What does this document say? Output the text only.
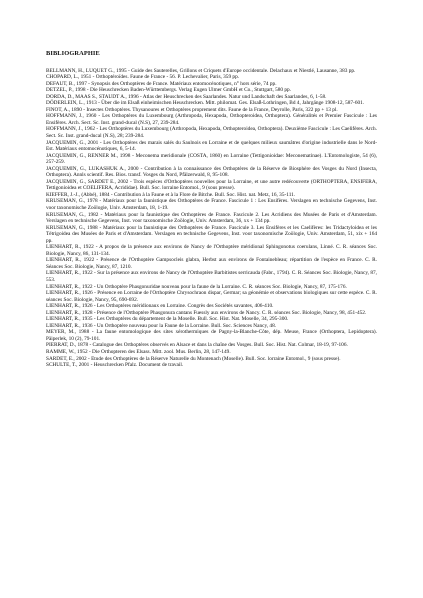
BIBLIOGRAPHIE
BELLMANN, H., LUQUET G., 1995 - Guide des Sauterelles, Grillons et Criquets d'Europe occidentale. Delachaux et Niestlé, Lausanne, 383 pp.
CHOPARD, L., 1951 - Orthoptéroïdes. Faune de France - 56. P. Lechevalier, Paris, 359 pp.
DEFAUT, B., 1997 - Synopsis des Orthoptères de France. Matériaux entomocénotiques, n° hors série, 74 pp.
DETZEL, P., 1998 - Die Heuschrecken Baden-Württembergs. Verlag Eugen Ulmer GmbH et Co., Stuttgart, 580 pp.
DORDA, D., MAAS S., STAUDT A., 1996 - Atlas der Heuschrecken des Saarlandes. Natur und Landschaft des Saarlandes, 6, 1-58.
DÖDERLEIN, L., 1913 - Über die im Elsaß einheimischen Heuschrecken. Mitt. philomat. Ges. Elsaß-Lothringen, Bd 4, Jahrgänge 1908-12, 587-601.
FINOT, A., 1890 - Insectes Orthoptères. Thysanoures et Orthoptères proprement dits. Faune de la France, Deyrolle, Paris, 322 pp + 13 pl.
HOFFMANN, J., 1960 - Les Orthoptères du Luxembourg (Arthropoda, Hexapoda, Orthopteroidea, Orthoptera). Généralités et Premier Fascicule : Les Ensifères. Arch. Sect. Sc. Inst. grand-ducal (N.S), 27, 239-284.
HOFFMANN, J., 1962 - Les Orthoptères du Luxembourg (Arthropoda, Hexapoda, Orthopteroidea, Orthoptera). Deuxième Fascicule : Les Caelifères. Arch. Sect. Sc. Inst. grand-ducal (N.S), 28; 239-284.
JACQUEMIN, G., 2001 - Les Orthoptères des marais salés du Saulnois en Lorraine et de quelques milieux saumâtres d'origine industrielle dans le Nord-Est. Matériaux entomocénotiques, 6, 5-14.
JACQUEMIN, G., RENNER M., 1998 - Meconema meridionale (COSTA, 1860) en Lorraine (Tettigonioidae: Meconematinae). L'Entomologiste, 54 (6), 257-259.
JACQUEMIN, G., LUKASHUK A., 2000 - Contribution à la connaissance des Orthoptères de la Réserve de Biosphère des Vosges du Nord (Insecta, Orthoptera). Annls scientif. Res. Bios. transf. Vosges du Nord, Pfälzerwald, 8, 95-108.
JACQUEMIN, G., SARDET E., 2002 - Trois espèces d'Orthoptères nouvelles pour la Lorraine, et une autre redécouverte (ORTHOPTERA, ENSIFERA, Tettigonioidea et COELIFERA, Acrididae). Bull. Soc. lorraine Entomol., 9 (sous presse).
KIEFFER, J.-J., (Abbé), 1884 - Contribution à la Faune et à la Flore de Bitche. Bull. Soc. Hist. nat. Metz, 16, 35-111.
KRUSEMAN, G., 1978 - Matériaux pour la faunistique des Orthoptères de France. Fascicule 1 : Les Ensifères. Verslagen en technische Gegevens, Inst. voor taxonomische Zoölogie, Univ. Amsterdam, 18, 1-19.
KRUSEMAN, G., 1982 - Matériaux pour la faunistique des Orthoptères de France. Fascicule 2. Les Acridiens des Musées de Paris et d'Amsterdam. Verslagen en technische Gegevens, Inst. voor taxonomische Zoölogie, Univ. Amsterdam, 36, xx + 134 pp.
KRUSEMAN, G., 1988 - Matériaux pour la faunistique des Orthoptères de France. Fascicule 3. Les Ensifères et les Caelifères: les Tridactyloidea et les Tétrigoidea des Musées de Paris et d'Amsterdam. Verslagen en technische Gegevens, Inst. voor taxonomische Zoölogie, Univ. Amsterdam, 51, xix + 164 pp.
LIENHART, R., 1922 - A propos de la présence aux environs de Nancy de l'Orthoptère méridional Sphingonotus coerulans, Linné. C. R. séances Soc. Biologie, Nancy, 86, 131-134.
LIENHART, R., 1922 - Présence de l'Orthoptère Gampsocleis glabra, Herbst aux environs de Fontainebleau; répartition de l'espèce en France. C. R. Séances Soc. Biologie, Nancy, 87, 1210.
LIENHART, R., 1922 - Sur la présence aux environs de Nancy de l'Orthoptère Barbitistes serricauda (Fabr., 1794). C. R. Séances Soc. Biologie, Nancy, 87, 553.
LIENHART, R., 1922 - Un Orthoptère Phasgonuridae nouveau pour la faune de la Lorraine. C. R. séances Soc. Biologie, Nancy, 87, 175-176.
LIENHART, R., 1926 - Présence en Lorraine de l'Orthoptère Chrysochraon dispar, Germar; sa géonémie et observations biologiques sur cette espèce. C. R. séances Soc. Biologie, Nancy, 95, 690-692.
LIENHART, R., 1926 - Les Orthoptères méridionaux en Lorraine. Congrès des Sociétés savantes, 406-410.
LIENHART, R., 1928 - Présence de l'Orthoptère Phasgonura cantans Fuessly aux environs de Nancy. C. R. séances Soc. Biologie, Nancy, 98, 451-452.
LIENHART, R., 1935 - Les Orthoptères du département de la Moselle. Bull. Soc. Hist. Nat. Moselle, 34, 295-300.
LIENHART, R., 1936 - Un Orthoptère nouveau pour la Faune de la Lorraine. Bull. Soc. Sciences Nancy, 48.
MEYER, M., 1988 - La faune entomologique des sites xérothermiques de Pagny-la-Blanche-Côte, dép. Meuse, France (Orthoptera, Lepidoptera). Päiperlek, 10 (2), 79-101.
PIERRAT, D., 1878 - Catalogue des Orthoptères observés en Alsace et dans la chaîne des Vosges. Bull. Soc. Hist. Nat. Colmar, 18-19, 97-106.
RAMME, W., 1952 - Die Orthopteren des Elsass. Mitt. zool. Mus. Berlin, 28, 147-149.
SARDET, E., 2002 - Etude des Orthoptères de la Réserve Naturelle du Montenach (Moselle). Bull. Soc. lorraine Entomol., 9 (sous presse).
SCHULTE, T., 2001 - Heuschrecken Pfalz. Document de travail.
